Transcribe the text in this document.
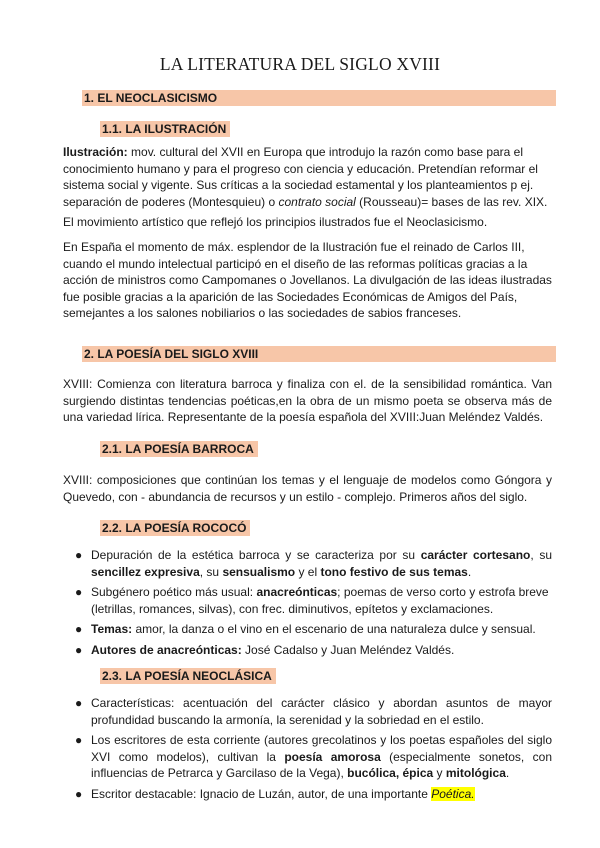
LA LITERATURA DEL SIGLO XVIII
1. EL NEOCLASICISMO
1.1. LA ILUSTRACIÓN

Ilustración: mov. cultural del XVII en Europa que introdujo la razón como base para el conocimiento humano y para el progreso con ciencia y educación. Pretendían reformar el sistema social y vigente. Sus críticas a la sociedad estamental y los planteamientos p ej. separación de poderes (Montesquieu) o contrato social (Rousseau)= bases de las rev. XIX.

El movimiento artístico que reflejó los principios ilustrados fue el Neoclasicismo.

En España el momento de máx. esplendor de la Ilustración fue el reinado de Carlos III, cuando el mundo intelectual participó en el diseño de las reformas políticas gracias a la acción de ministros como Campomanes o Jovellanos. La divulgación de las ideas ilustradas fue posible gracias a la aparición de las Sociedades Económicas de Amigos del País, semejantes a los salones nobiliarios o las sociedades de sabios franceses.

2. LA POESÍA DEL SIGLO XVIII

XVIII: Comienza con literatura barroca y finaliza con el. de la sensibilidad romántica. Van surgiendo distintas tendencias poéticas,en la obra de un mismo poeta se observa más de una variedad lírica. Representante de la poesía española del XVIII:Juan Meléndez Valdés.

2.1. LA POESÍA BARROCA

XVIII: composiciones que continúan los temas y el lenguaje de modelos como Góngora y Quevedo, con - abundancia de recursos y un estilo - complejo. Primeros años del siglo.

2.2. LA POESÍA ROCOCÓ
● Depuración de la estética barroca y se caracteriza por su carácter cortesano, su sencillez expresiva, su sensualismo y el tono festivo de sus temas.
● Subgénero poético más usual: anacreónticas; poemas de verso corto y estrofa breve (letrillas, romances, silvas), con frec. diminutivos, epítetos y exclamaciones.
● Temas: amor, la danza o el vino en el escenario de una naturaleza dulce y sensual.
● Autores de anacreónticas: José Cadalso y Juan Meléndez Valdés.
2.3. LA POESÍA NEOCLÁSICA
● Características: acentuación del carácter clásico y abordan asuntos de mayor profundidad buscando la armonía, la serenidad y la sobriedad en el estilo.
● Los escritores de esta corriente (autores grecolatinos y los poetas españoles del siglo XVI como modelos), cultivan la poesía amorosa (especialmente sonetos, con influencias de Petrarca y Garcilaso de la Vega), bucólica, épica y mitológica.
● Escritor destacable: Ignacio de Luzán, autor, de una importante Poética.
